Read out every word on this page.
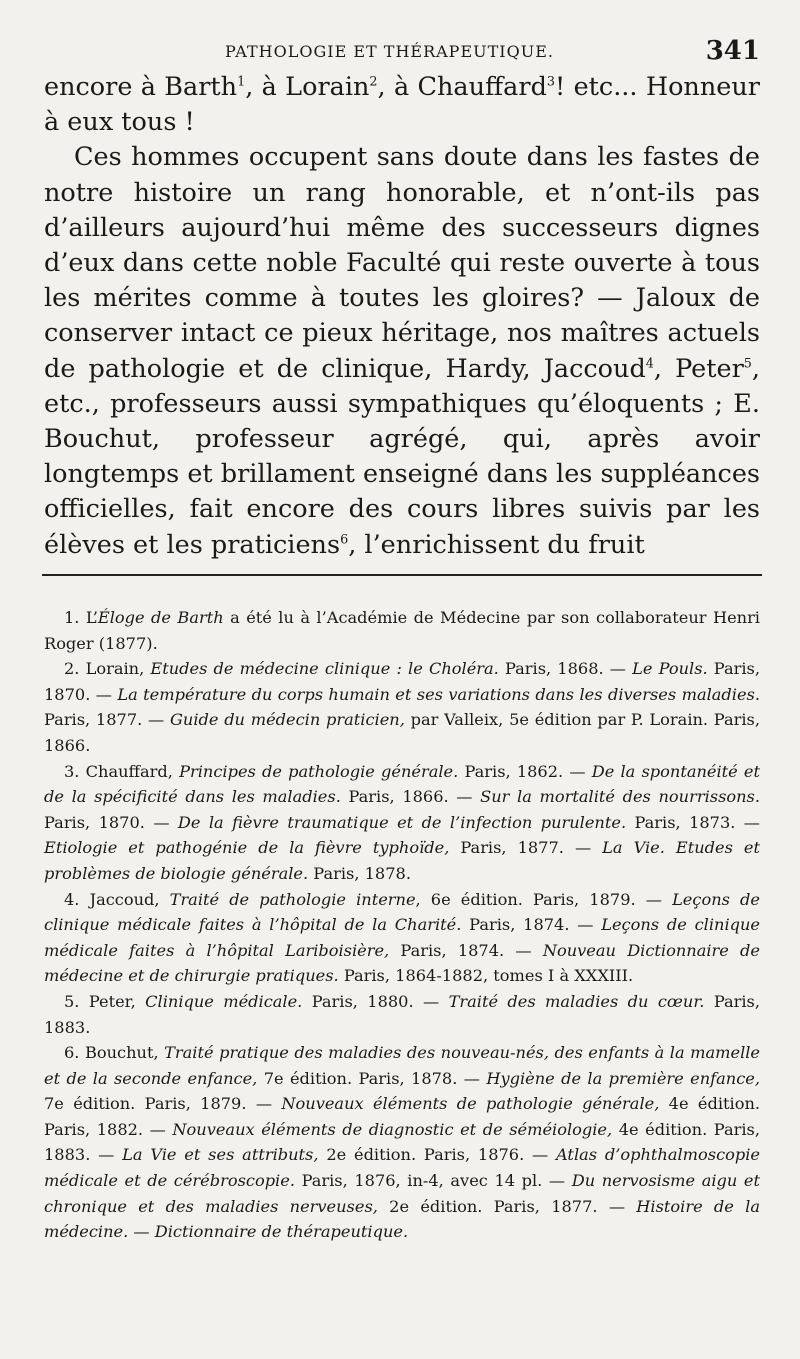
PATHOLOGIE ET THÉRAPEUTIQUE.	341

encore à Barth$^1$, à Lorain$^2$, à Chauffard$^3$! etc... Honneur à eux tous !

Ces hommes occupent sans doute dans les fastes de notre histoire un rang honorable, et n’ont-ils pas d’ailleurs aujourd’hui même des successeurs dignes d’eux dans cette noble Faculté qui reste ouverte à tous les mérites comme à toutes les gloires? — Jaloux de conserver intact ce pieux héritage, nos maîtres actuels de pathologie et de clinique, Hardy, Jaccoud$^4$, Peter$^5$, etc., professeurs aussi sympathiques qu’éloquents ; E. Bouchut, professeur agrégé, qui, après avoir longtemps et brillament enseigné dans les suppléances officielles, fait encore des cours libres suivis par les élèves et les praticiens$^6$, l’enrichissent du fruit

1. L’Éloge de Barth a été lu à l’Académie de Médecine par son collaborateur Henri Roger (1877).

2. Lorain, Etudes de médecine clinique : le Choléra. Paris, 1868. — Le Pouls. Paris, 1870. — La température du corps humain et ses variations dans les diverses maladies. Paris, 1877. — Guide du médecin praticien, par Valleix, 5e édition par P. Lorain. Paris, 1866.

3. Chauffard, Principes de pathologie générale. Paris, 1862. — De la spontanéité et de la spécificité dans les maladies. Paris, 1866. — Sur la mortalité des nourrissons. Paris, 1870. — De la fièvre traumatique et de l’infection purulente. Paris, 1873. — Etiologie et pathogénie de la fièvre typhoïde, Paris, 1877. — La Vie. Etudes et problèmes de biologie générale. Paris, 1878.

4. Jaccoud, Traité de pathologie interne, 6e édition. Paris, 1879. — Leçons de clinique médicale faites à l’hôpital de la Charité. Paris, 1874. — Leçons de clinique médicale faites à l’hôpital Lariboisière, Paris, 1874. — Nouveau Dictionnaire de médecine et de chirurgie pratiques. Paris, 1864-1882, tomes I à XXXIII.

5. Peter, Clinique médicale. Paris, 1880. — Traité des maladies du cœur. Paris, 1883.

6. Bouchut, Traité pratique des maladies des nouveau-nés, des enfants à la mamelle et de la seconde enfance, 7e édition. Paris, 1878. — Hygiène de la première enfance, 7e édition. Paris, 1879. — Nouveaux éléments de pathologie générale, 4e édition. Paris, 1882. — Nouveaux éléments de diagnostic et de séméiologie, 4e édition. Paris, 1883. — La Vie et ses attributs, 2e édition. Paris, 1876. — Atlas d’ophthalmoscopie médicale et de cérébroscopie. Paris, 1876, in-4, avec 14 pl. — Du nervosisme aigu et chronique et des maladies nerveuses, 2e édition. Paris, 1877. — Histoire de la médecine. — Dictionnaire de thérapeutique.
